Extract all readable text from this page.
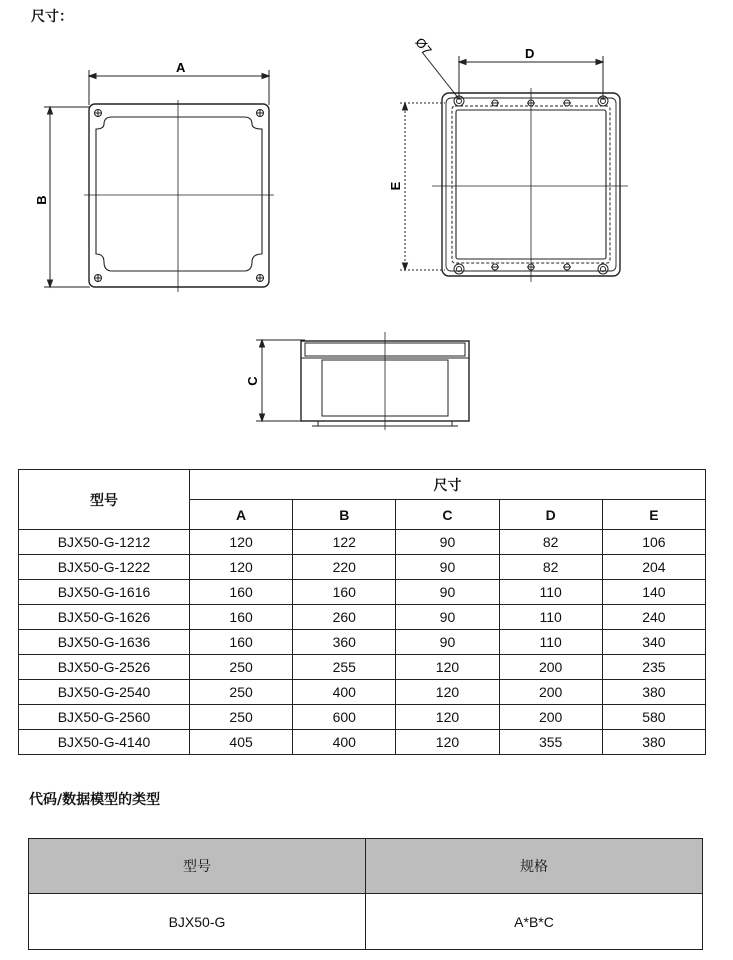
尺寸：
A
B
D
E
Ø7
C
型号	尺寸				
	A	B	C	D	E
BJX50-G-1212	120	122	90	82	106
BJX50-G-1222	120	220	90	82	204
BJX50-G-1616	160	160	90	110	140
BJX50-G-1626	160	260	90	110	240
BJX50-G-1636	160	360	90	110	340
BJX50-G-2526	250	255	120	200	235
BJX50-G-2540	250	400	120	200	380
BJX50-G-2560	250	600	120	200	580
BJX50-G-4140	405	400	120	355	380
代码/数据模型的类型
型号	规格
BJX50-G	A*B*C
